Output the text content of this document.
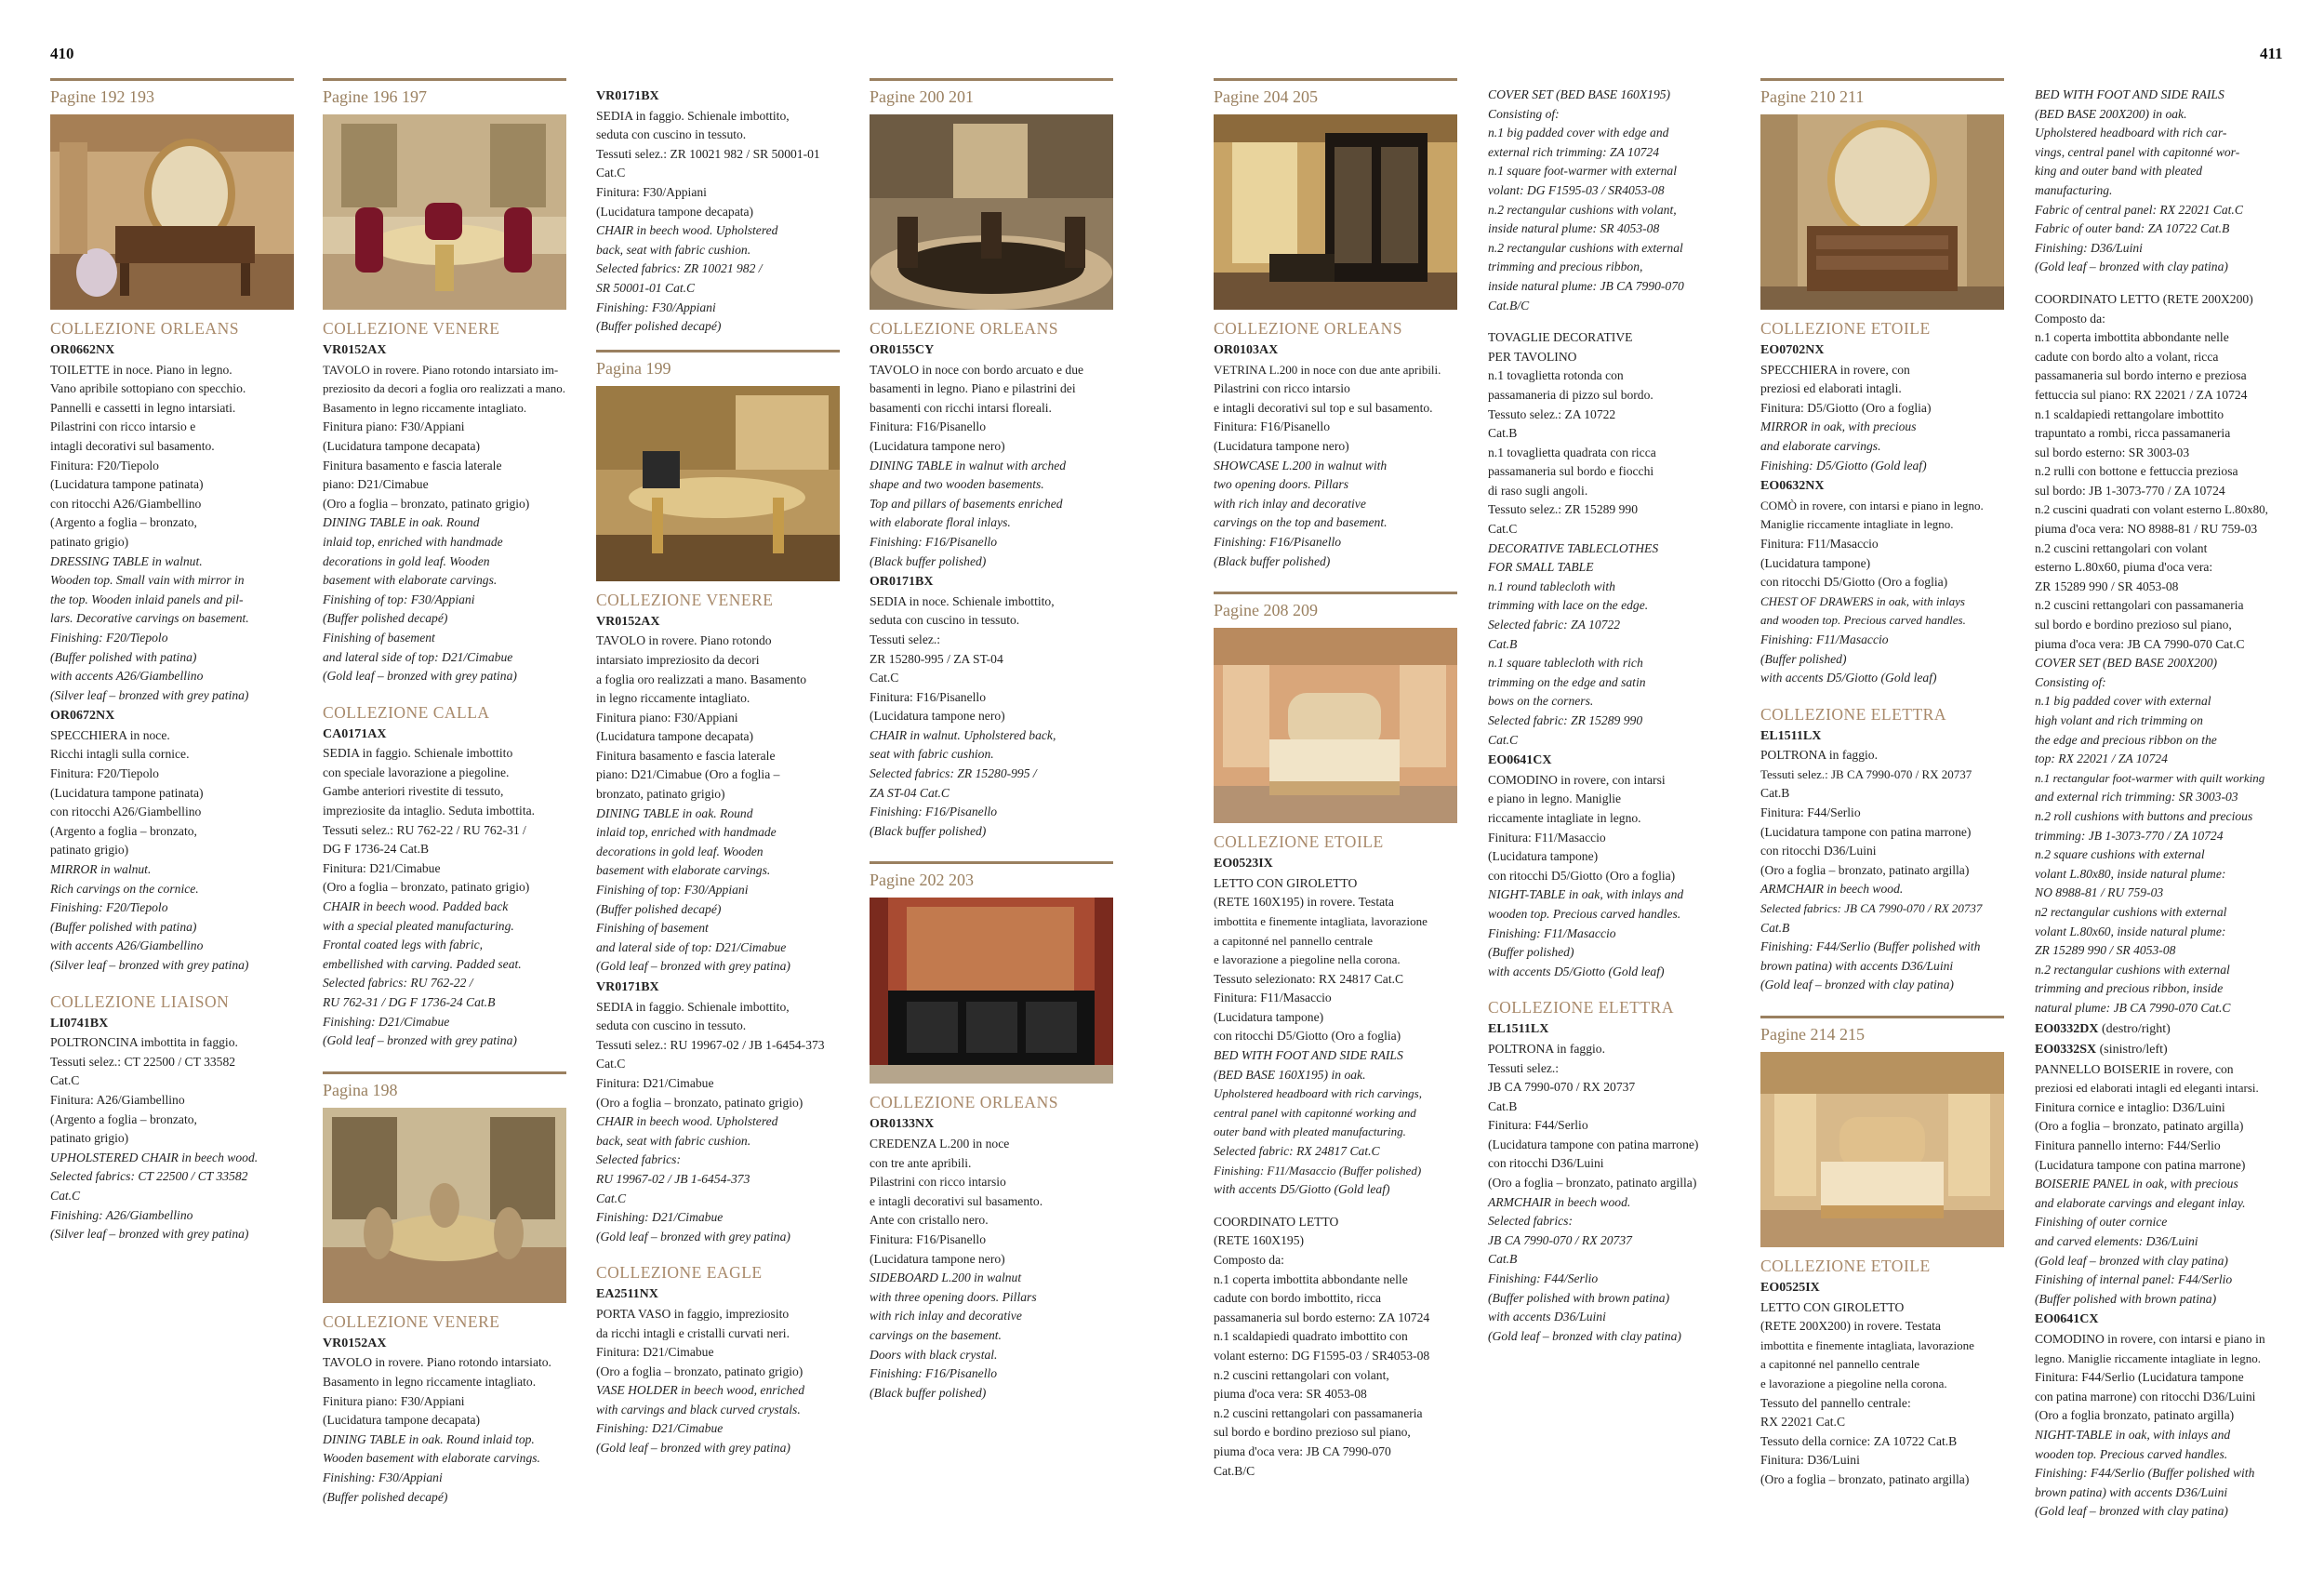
410	411
Pagine 192 193
COLLEZIONE ORLEANS
OR0662NX

TOILETTE in noce. Piano in legno.

Vano apribile sottopiano con specchio.

Pannelli e cassetti in legno intarsiati.

Pilastrini con ricco intarsio e

intagli decorativi sul basamento.

Finitura: F20/Tiepolo

(Lucidatura tampone patinata)

con ritocchi A26/Giambellino

(Argento a foglia – bronzato,

patinato grigio)

DRESSING TABLE in walnut.

Wooden top. Small vain with mirror in

the top. Wooden inlaid panels and pil-

lars. Decorative carvings on basement.

Finishing: F20/Tiepolo

(Buffer polished with patina)

with accents A26/Giambellino

(Silver leaf – bronzed with grey patina)

OR0672NX

SPECCHIERA in noce.

Ricchi intagli sulla cornice.

Finitura: F20/Tiepolo

(Lucidatura tampone patinata)

con ritocchi A26/Giambellino

(Argento a foglia – bronzato,

patinato grigio)

MIRROR in walnut.

Rich carvings on the cornice.

Finishing: F20/Tiepolo

(Buffer polished with patina)

with accents A26/Giambellino

(Silver leaf – bronzed with grey patina)

COLLEZIONE LIAISON
LI0741BX

POLTRONCINA imbottita in faggio.

Tessuti selez.: CT 22500 / CT 33582

Cat.C

Finitura: A26/Giambellino

(Argento a foglia – bronzato,

patinato grigio)

UPHOLSTERED CHAIR in beech wood.

Selected fabrics: CT 22500 / CT 33582

Cat.C

Finishing: A26/Giambellino

(Silver leaf – bronzed with grey patina)

Pagine 196 197
COLLEZIONE VENERE
VR0152AX

TAVOLO in rovere. Piano rotondo intarsiato im-

preziosito da decori a foglia oro realizzati a mano.

Basamento in legno riccamente intagliato.

Finitura piano: F30/Appiani

(Lucidatura tampone decapata)

Finitura basamento e fascia laterale

piano: D21/Cimabue

(Oro a foglia – bronzato, patinato grigio)

DINING TABLE in oak. Round

inlaid top, enriched with handmade

decorations in gold leaf. Wooden

basement with elaborate carvings.

Finishing of top: F30/Appiani

(Buffer polished decapé)

Finishing of basement

and lateral side of top: D21/Cimabue

(Gold leaf – bronzed with grey patina)

COLLEZIONE CALLA
CA0171AX

SEDIA in faggio. Schienale imbottito

con speciale lavorazione a piegoline.

Gambe anteriori rivestite di tessuto,

impreziosite da intaglio. Seduta imbottita.

Tessuti selez.: RU 762-22 / RU 762-31 /

DG F 1736-24 Cat.B

Finitura: D21/Cimabue

(Oro a foglia – bronzato, patinato grigio)

CHAIR in beech wood. Padded back

with a special pleated manufacturing.

Frontal coated legs with fabric,

embellished with carving. Padded seat.

Selected fabrics: RU 762-22 /

RU 762-31 / DG F 1736-24 Cat.B

Finishing: D21/Cimabue

(Gold leaf – bronzed with grey patina)

Pagina 198
COLLEZIONE VENERE
VR0152AX

TAVOLO in rovere. Piano rotondo intarsiato.

Basamento in legno riccamente intagliato.

Finitura piano: F30/Appiani

(Lucidatura tampone decapata)

DINING TABLE in oak. Round inlaid top.

Wooden basement with elaborate carvings.

Finishing: F30/Appiani

(Buffer polished decapé)

VR0171BX

SEDIA in faggio. Schienale imbottito,

seduta con cuscino in tessuto.

Tessuti selez.: ZR 10021 982 / SR 50001-01

Cat.C

Finitura: F30/Appiani

(Lucidatura tampone decapata)

CHAIR in beech wood. Upholstered

back, seat with fabric cushion.

Selected fabrics: ZR 10021 982 /

SR 50001-01 Cat.C

Finishing: F30/Appiani

(Buffer polished decapé)

Pagina 199
COLLEZIONE VENERE
VR0152AX

TAVOLO in rovere. Piano rotondo

intarsiato impreziosito da decori

a foglia oro realizzati a mano. Basamento

in legno riccamente intagliato.

Finitura piano: F30/Appiani

(Lucidatura tampone decapata)

Finitura basamento e fascia laterale

piano: D21/Cimabue (Oro a foglia –

bronzato, patinato grigio)

DINING TABLE in oak. Round

inlaid top, enriched with handmade

decorations in gold leaf. Wooden

basement with elaborate carvings.

Finishing of top: F30/Appiani

(Buffer polished decapé)

Finishing of basement

and lateral side of top: D21/Cimabue

(Gold leaf – bronzed with grey patina)

VR0171BX

SEDIA in faggio. Schienale imbottito,

seduta con cuscino in tessuto.

Tessuti selez.: RU 19967-02 / JB 1-6454-373

Cat.C

Finitura: D21/Cimabue

(Oro a foglia – bronzato, patinato grigio)

CHAIR in beech wood. Upholstered

back, seat with fabric cushion.

Selected fabrics:

RU 19967-02 / JB 1-6454-373

Cat.C

Finishing: D21/Cimabue

(Gold leaf – bronzed with grey patina)

COLLEZIONE EAGLE
EA2511NX

PORTA VASO in faggio, impreziosito

da ricchi intagli e cristalli curvati neri.

Finitura: D21/Cimabue

(Oro a foglia – bronzato, patinato grigio)

VASE HOLDER in beech wood, enriched

with carvings and black curved crystals.

Finishing: D21/Cimabue

(Gold leaf – bronzed with grey patina)

Pagine 200 201
COLLEZIONE ORLEANS
OR0155CY

TAVOLO in noce con bordo arcuato e due

basamenti in legno. Piano e pilastrini dei

basamenti con ricchi intarsi floreali.

Finitura: F16/Pisanello

(Lucidatura tampone nero)

DINING TABLE in walnut with arched

shape and two wooden basements.

Top and pillars of basements enriched

with elaborate floral inlays.

Finishing: F16/Pisanello

(Black buffer polished)

OR0171BX

SEDIA in noce. Schienale imbottito,

seduta con cuscino in tessuto.

Tessuti selez.:

ZR 15280-995 / ZA ST-04

Cat.C

Finitura: F16/Pisanello

(Lucidatura tampone nero)

CHAIR in walnut. Upholstered back,

seat with fabric cushion.

Selected fabrics: ZR 15280-995 /

ZA ST-04 Cat.C

Finishing: F16/Pisanello

(Black buffer polished)

Pagine 202 203
COLLEZIONE ORLEANS
OR0133NX

CREDENZA L.200 in noce

con tre ante apribili.

Pilastrini con ricco intarsio

e intagli decorativi sul basamento.

Ante con cristallo nero.

Finitura: F16/Pisanello

(Lucidatura tampone nero)

SIDEBOARD L.200 in walnut

with three opening doors. Pillars

with rich inlay and decorative

carvings on the basement.

Doors with black crystal.

Finishing: F16/Pisanello

(Black buffer polished)

Pagine 204 205
COLLEZIONE ORLEANS
OR0103AX

VETRINA L.200 in noce con due ante apribili.

Pilastrini con ricco intarsio

e intagli decorativi sul top e sul basamento.

Finitura: F16/Pisanello

(Lucidatura tampone nero)

SHOWCASE L.200 in walnut with

two opening doors. Pillars

with rich inlay and decorative

carvings on the top and basement.

Finishing: F16/Pisanello

(Black buffer polished)

Pagine 208 209
COLLEZIONE ETOILE
EO0523IX

LETTO CON GIROLETTO

(RETE 160X195) in rovere. Testata

imbottita e finemente intagliata, lavorazione

a capitonné nel pannello centrale

e lavorazione a piegoline nella corona.

Tessuto selezionato: RX 24817 Cat.C

Finitura: F11/Masaccio

(Lucidatura tampone)

con ritocchi D5/Giotto (Oro a foglia)

BED WITH FOOT AND SIDE RAILS

(BED BASE 160X195) in oak.

Upholstered headboard with rich carvings,

central panel with capitonné working and

outer band with pleated manufacturing.

Selected fabric: RX 24817 Cat.C

Finishing: F11/Masaccio (Buffer polished)

with accents D5/Giotto (Gold leaf)

COORDINATO LETTO

(RETE 160X195)

Composto da:

n.1 coperta imbottita abbondante nelle

cadute con bordo imbottito, ricca

passamaneria sul bordo esterno: ZA 10724

n.1 scaldapiedi quadrato imbottito con

volant esterno: DG F1595-03 / SR4053-08

n.2 cuscini rettangolari con volant,

piuma d'oca vera: SR 4053-08

n.2 cuscini rettangolari con passamaneria

sul bordo e bordino prezioso sul piano,

piuma d'oca vera: JB CA 7990-070

Cat.B/C

COVER SET (BED BASE 160X195)

Consisting of:

n.1 big padded cover with edge and

external rich trimming: ZA 10724

n.1 square foot-warmer with external

volant: DG F1595-03 / SR4053-08

n.2 rectangular cushions with volant,

inside natural plume: SR 4053-08

n.2 rectangular cushions with external

trimming and precious ribbon,

inside natural plume: JB CA 7990-070

Cat.B/C

TOVAGLIE DECORATIVE

PER TAVOLINO

n.1 tovaglietta rotonda con

passamaneria di pizzo sul bordo.

Tessuto selez.: ZA 10722

Cat.B

n.1 tovaglietta quadrata con ricca

passamaneria sul bordo e fiocchi

di raso sugli angoli.

Tessuto selez.: ZR 15289 990

Cat.C

DECORATIVE TABLECLOTHES

FOR SMALL TABLE

n.1 round tablecloth with

trimming with lace on the edge.

Selected fabric: ZA 10722

Cat.B

n.1 square tablecloth with rich

trimming on the edge and satin

bows on the corners.

Selected fabric: ZR 15289 990

Cat.C

EO0641CX

COMODINO in rovere, con intarsi

e piano in legno. Maniglie

riccamente intagliate in legno.

Finitura: F11/Masaccio

(Lucidatura tampone)

con ritocchi D5/Giotto (Oro a foglia)

NIGHT-TABLE in oak, with inlays and

wooden top. Precious carved handles.

Finishing: F11/Masaccio

(Buffer polished)

with accents D5/Giotto (Gold leaf)

COLLEZIONE ELETTRA
EL1511LX

POLTRONA in faggio.

Tessuti selez.:

JB CA 7990-070 / RX 20737

Cat.B

Finitura: F44/Serlio

(Lucidatura tampone con patina marrone)

con ritocchi D36/Luini

(Oro a foglia – bronzato, patinato argilla)

ARMCHAIR in beech wood.

Selected fabrics:

JB CA 7990-070 / RX 20737

Cat.B

Finishing: F44/Serlio

(Buffer polished with brown patina)

with accents D36/Luini

(Gold leaf – bronzed with clay patina)

Pagine 210 211
COLLEZIONE ETOILE
EO0702NX

SPECCHIERA in rovere, con

preziosi ed elaborati intagli.

Finitura: D5/Giotto (Oro a foglia)

MIRROR in oak, with precious

and elaborate carvings.

Finishing: D5/Giotto (Gold leaf)

EO0632NX

COMÒ in rovere, con intarsi e piano in legno.

Maniglie riccamente intagliate in legno.

Finitura: F11/Masaccio

(Lucidatura tampone)

con ritocchi D5/Giotto (Oro a foglia)

CHEST OF DRAWERS in oak, with inlays

and wooden top. Precious carved handles.

Finishing: F11/Masaccio

(Buffer polished)

with accents D5/Giotto (Gold leaf)

COLLEZIONE ELETTRA
EL1511LX

POLTRONA in faggio.

Tessuti selez.: JB CA 7990-070 / RX 20737

Cat.B

Finitura: F44/Serlio

(Lucidatura tampone con patina marrone)

con ritocchi D36/Luini

(Oro a foglia – bronzato, patinato argilla)

ARMCHAIR in beech wood.

Selected fabrics: JB CA 7990-070 / RX 20737

Cat.B

Finishing: F44/Serlio (Buffer polished with

brown patina) with accents D36/Luini

(Gold leaf – bronzed with clay patina)

Pagine 214 215
COLLEZIONE ETOILE
EO0525IX

LETTO CON GIROLETTO

(RETE 200X200) in rovere. Testata

imbottita e finemente intagliata, lavorazione

a capitonné nel pannello centrale

e lavorazione a piegoline nella corona.

Tessuto del pannello centrale:

RX 22021 Cat.C

Tessuto della cornice: ZA 10722 Cat.B

Finitura: D36/Luini

(Oro a foglia – bronzato, patinato argilla)

BED WITH FOOT AND SIDE RAILS

(BED BASE 200X200) in oak.

Upholstered headboard with rich car-

vings, central panel with capitonné wor-

king and outer band with pleated

manufacturing.

Fabric of central panel: RX 22021 Cat.C

Fabric of outer band: ZA 10722 Cat.B

Finishing: D36/Luini

(Gold leaf – bronzed with clay patina)

COORDINATO LETTO (RETE 200X200)

Composto da:

n.1 coperta imbottita abbondante nelle

cadute con bordo alto a volant, ricca

passamaneria sul bordo interno e preziosa

fettuccia sul piano: RX 22021 / ZA 10724

n.1 scaldapiedi rettangolare imbottito

trapuntato a rombi, ricca passamaneria

sul bordo esterno: SR 3003-03

n.2 rulli con bottone e fettuccia preziosa

sul bordo: JB 1-3073-770 / ZA 10724

n.2 cuscini quadrati con volant esterno L.80x80,

piuma d'oca vera: NO 8988-81 / RU 759-03

n.2 cuscini rettangolari con volant

esterno L.80x60, piuma d'oca vera:

ZR 15289 990 / SR 4053-08

n.2 cuscini rettangolari con passamaneria

sul bordo e bordino prezioso sul piano,

piuma d'oca vera: JB CA 7990-070 Cat.C

COVER SET (BED BASE 200X200)

Consisting of:

n.1 big padded cover with external

high volant and rich trimming on

the edge and precious ribbon on the

top: RX 22021 / ZA 10724

n.1 rectangular foot-warmer with quilt working

and external rich trimming: SR 3003-03

n.2 roll cushions with buttons and precious

trimming: JB 1-3073-770 / ZA 10724

n.2 square cushions with external

volant L.80x80, inside natural plume:

NO 8988-81 / RU 759-03

n2 rectangular cushions with external

volant L.80x60, inside natural plume:

ZR 15289 990 / SR 4053-08

n.2 rectangular cushions with external

trimming and precious ribbon, inside

natural plume: JB CA 7990-070 Cat.C

EO0332DX (destro/right)
EO0332SX (sinistro/left)

PANNELLO BOISERIE in rovere, con

preziosi ed elaborati intagli ed eleganti intarsi.

Finitura cornice e intaglio: D36/Luini

(Oro a foglia – bronzato, patinato argilla)

Finitura pannello interno: F44/Serlio

(Lucidatura tampone con patina marrone)

BOISERIE PANEL in oak, with precious

and elaborate carvings and elegant inlay.

Finishing of outer cornice

and carved elements: D36/Luini

(Gold leaf – bronzed with clay patina)

Finishing of internal panel: F44/Serlio

(Buffer polished with brown patina)

EO0641CX

COMODINO in rovere, con intarsi e piano in

legno. Maniglie riccamente intagliate in legno.

Finitura: F44/Serlio (Lucidatura tampone

con patina marrone) con ritocchi D36/Luini

(Oro a foglia bronzato, patinato argilla)

NIGHT-TABLE in oak, with inlays and

wooden top. Precious carved handles.

Finishing: F44/Serlio (Buffer polished with

brown patina) with accents D36/Luini

(Gold leaf – bronzed with clay patina)
